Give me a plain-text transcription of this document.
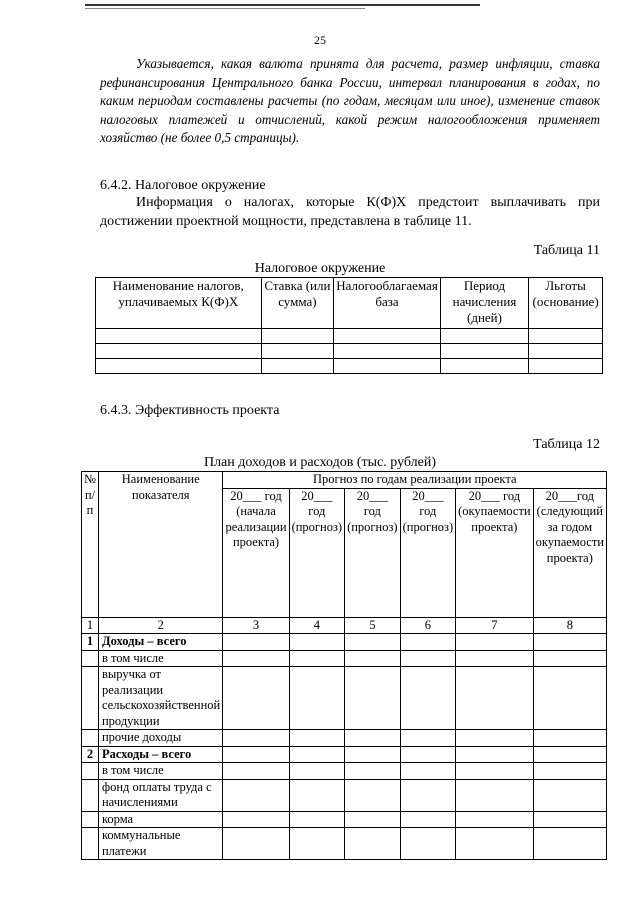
25
Указывается, какая валюта принята для расчета, размер инфляции, ставка рефинансирования Центрального банка России, интервал планирования в годах, по каким периодам составлены расчеты (по годам, месяцам или иное), изменение ставок налоговых платежей и отчислений, какой режим налогообложения применяет хозяйство (не более 0,5 страницы).
6.4.2. Налоговое окружение
Информация о налогах, которые К(Ф)Х предстоит выплачивать при достижении проектной мощности, представлена в таблице 11.
Таблица 11
Налоговое окружение
Наименование налогов, уплачиваемых К(Ф)Х	Ставка (или сумма)	Налогооблагаемая база	Период начисления (дней)	Льготы (основание)

6.4.3. Эффективность проекта
Таблица 12
План доходов и расходов (тыс. рублей)
№ п/п	Наименование показателя	Прогноз по годам реализации проекта					
		20___ год (начала реализации проекта)	20___ год (прогноз)	20___ год (прогноз)	20___ год (прогноз)	20___ год (окупаемости проекта)	20___год (следующий за годом окупаемости проекта)
1	2	3	4	5	6	7	8
1	Доходы – всего						
	в том числе						
	выручка от реализации сельскохозяйственной продукции						
	прочие доходы						
2	Расходы – всего						
	в том числе						
	фонд оплаты труда с начислениями						
	корма						
	коммунальные платежи						
